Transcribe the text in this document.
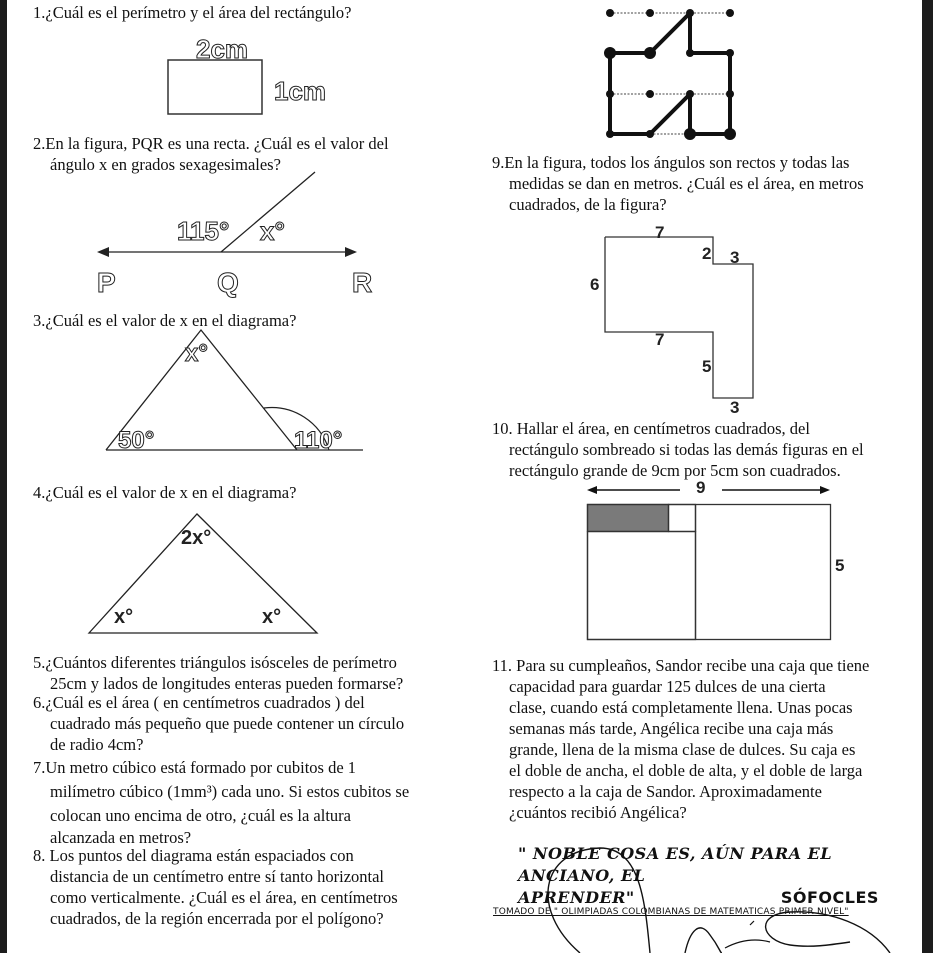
1.¿Cuál es el perímetro y el área del rectángulo?
2cm
1cm
2.En la figura, PQR es una recta. ¿Cuál es el valor del
ángulo x en grados sexagesimales?
115° x°
P	Q	R
3.¿Cuál es el valor de x en el diagrama?
x°
50°	110°
4.¿Cuál es el valor de x en el diagrama?
2x°
x°	x°
5.¿Cuántos diferentes triángulos isósceles de perímetro
25cm y lados de longitudes enteras pueden formarse?
6.¿Cuál es el área ( en centímetros cuadrados ) del
cuadrado más pequeño que puede contener un círculo
de radio 4cm?
7.Un metro cúbico está formado por cubitos de 1
milímetro cúbico (1mm³) cada uno. Si estos cubitos se
colocan uno encima de otro, ¿cuál es la altura
alcanzada en metros?
8. Los puntos del diagrama están espaciados con
distancia de un centímetro entre sí tanto horizontal
como verticalmente. ¿Cuál es el área, en centímetros
cuadrados, de la región encerrada por el polígono?
9.En la figura, todos los ángulos son rectos y todas las
medidas se dan en metros. ¿Cuál es el área, en metros
cuadrados, de la figura?
7
2 3
6
7
5
3
10. Hallar el área, en centímetros cuadrados, del
rectángulo sombreado si todas las demás figuras en el
rectángulo grande de 9cm por 5cm son cuadrados.
9
5
11. Para su cumpleaños, Sandor recibe una caja que tiene
capacidad para guardar 125 dulces de una cierta
clase, cuando está completamente llena. Unas pocas
semanas más tarde, Angélica recibe una caja más
grande, llena de la misma clase de dulces. Su caja es
el doble de ancha, el doble de alta, y el doble de larga
respecto a la caja de Sandor. Aproximadamente
¿cuántos recibió Angélica?
" NOBLE COSA ES, AÚN PARA EL ANCIANO, EL
APRENDER"	SÓFOCLES
TOMADO DE " OLIMPIADAS COLOMBIANAS DE MATEMATICAS PRIMER NIVEL"
